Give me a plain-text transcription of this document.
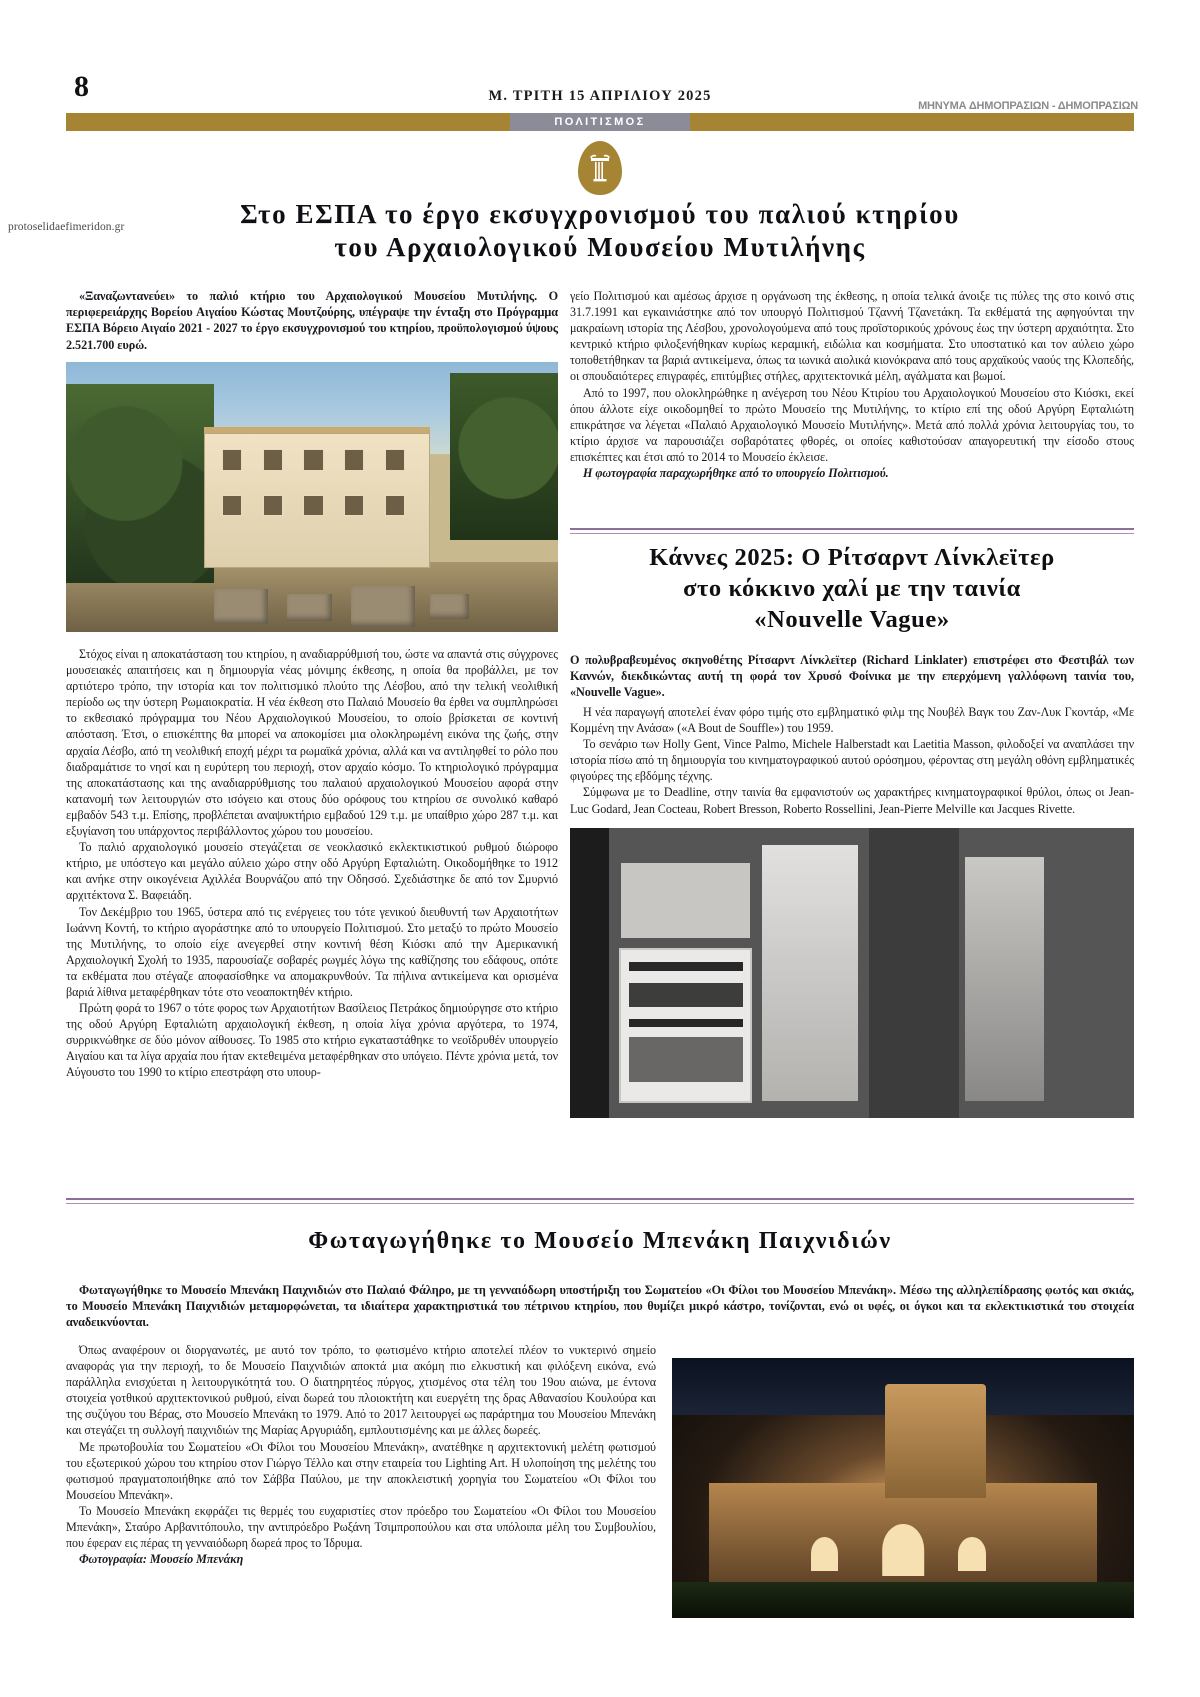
8	Μ. ΤΡΙΤΗ 15 ΑΠΡΙΛΙΟΥ 2025
ΜΗΝΥΜΑ ΔΗΜΟΠΡΑΣΙΩΝ - ΔΗΜΟΠΡΑΣΙΩΝ
protoselidaefimeridon.gr
ΠΟΛΙΤΙΣΜΟΣ
Στο ΕΣΠΑ το έργο εκσυγχρονισμού του παλιού κτηρίου
του Αρχαιολογικού Μουσείου Μυτιλήνης

«Ξαναζωντανεύει» το παλιό κτήριο του Αρχαιολογικού Μουσείου Μυτιλήνης. Ο περιφερειάρχης Βορείου Αιγαίου Κώστας Μουτζούρης, υπέγραψε την ένταξη στο Πρόγραμμα ΕΣΠΑ Βόρειο Αιγαίο 2021 - 2027 το έργο εκσυγχρονισμού του κτηρίου, προϋπολογισμού ύψους 2.521.700 ευρώ.

Στόχος είναι η αποκατάσταση του κτηρίου, η αναδιαρρύθμισή του, ώστε να απαντά στις σύγχρονες μουσειακές απαιτήσεις και η δημιουργία νέας μόνιμης έκθεσης, η οποία θα προβάλλει, με τον αρτιότερο τρόπο, την ιστορία και τον πολιτισμικό πλούτο της Λέσβου, από την τελική νεολιθική περίοδο ως την ύστερη Ρωμαιοκρατία. Η νέα έκθεση στο Παλαιό Μουσείο θα έρθει να συμπληρώσει το εκθεσιακό πρόγραμμα του Νέου Αρχαιολογικού Μουσείου, το οποίο βρίσκεται σε κοντινή απόσταση. Έτσι, ο επισκέπτης θα μπορεί να αποκομίσει μια ολοκληρωμένη εικόνα της ζωής, στην αρχαία Λέσβο, από τη νεολιθική εποχή μέχρι τα ρωμαϊκά χρόνια, αλλά και να αντιληφθεί το ρόλο που διαδραμάτισε το νησί και η ευρύτερη του περιοχή, στον αρχαίο κόσμο. Το κτηριολογικό πρόγραμμα της αποκατάστασης και της αναδιαρρύθμισης του παλαιού αρχαιολογικού Μουσείου αφορά στην κατανομή των λειτουργιών στο ισόγειο και στους δύο ορόφους του κτηρίου σε συνολικό καθαρό εμβαδόν 543 τ.μ. Επίσης, προβλέπεται αναψυκτήριο εμβαδού 129 τ.μ. με υπαίθριο χώρο 287 τ.μ. και εξυγίανση του υπάρχοντος περιβάλλοντος χώρου του μουσείου.

Το παλιό αρχαιολογικό μουσείο στεγάζεται σε νεοκλασικό εκλεκτικιστικού ρυθμού διώροφο κτήριο, με υπόστεγο και μεγάλο αύλειο χώρο στην οδό Αργύρη Εφταλιώτη. Οικοδομήθηκε το 1912 και ανήκε στην οικογένεια Αχιλλέα Βουρνάζου από την Οδησσό. Σχεδιάστηκε δε από τον Σμυρνιό αρχιτέκτονα Σ. Βαφειάδη.

Τον Δεκέμβριο του 1965, ύστερα από τις ενέργειες του τότε γενικού διευθυντή των Αρχαιοτήτων Ιωάννη Κοντή, το κτήριο αγοράστηκε από το υπουργείο Πολιτισμού. Στο μεταξύ το πρώτο Μουσείο της Μυτιλήνης, το οποίο είχε ανεγερθεί στην κοντινή θέση Κιόσκι από την Αμερικανική Αρχαιολογική Σχολή το 1935, παρουσίαζε σοβαρές ρωγμές λόγω της καθίζησης του εδάφους, οπότε τα εκθέματα που στέγαζε αποφασίσθηκε να απομακρυνθούν. Τα πήλινα αντικείμενα και ορισμένα βαριά λίθινα μεταφέρθηκαν τότε στο νεοαποκτηθέν κτήριο.

Πρώτη φορά το 1967 ο τότε φορος των Αρχαιοτήτων Βασίλειος Πετράκος δημιούργησε στο κτήριο της οδού Αργύρη Εφταλιώτη αρχαιολογική έκθεση, η οποία λίγα χρόνια αργότερα, το 1974, συρρικνώθηκε σε δύο μόνον αίθουσες. Το 1985 στο κτήριο εγκαταστάθηκε το νεοϊδρυθέν υπουργείο Αιγαίου και τα λίγα αρχαία που ήταν εκτεθειμένα μεταφέρθηκαν στο υπόγειο. Πέντε χρόνια μετά, τον Αύγουστο του 1990 το κτίριο επεστράφη στο υπουρ-

γείο Πολιτισμού και αμέσως άρχισε η οργάνωση της έκθεσης, η οποία τελικά άνοιξε τις πύλες της στο κοινό στις 31.7.1991 και εγκαινιάστηκε από τον υπουργό Πολιτισμού Τζαννή Τζανετάκη. Τα εκθέματά της αφηγούνται την μακραίωνη ιστορία της Λέσβου, χρονολογούμενα από τους προϊστορικούς χρόνους έως την ύστερη αρχαιότητα. Στο κεντρικό κτήριο φιλοξενήθηκαν κυρίως κεραμική, ειδώλια και κοσμήματα. Στο υποστατικό και τον αύλειο χώρο τοποθετήθηκαν τα βαριά αντικείμενα, όπως τα ιωνικά αιολικά κιονόκρανα από τους αρχαϊκούς ναούς της Κλοπεδής, οι σπουδαιότερες επιγραφές, επιτύμβιες στήλες, αρχιτεκτονικά μέλη, αγάλματα και βωμοί.

Από το 1997, που ολοκληρώθηκε η ανέγερση του Νέου Κτιρίου του Αρχαιολογικού Μουσείου στο Κιόσκι, εκεί όπου άλλοτε είχε οικοδομηθεί το πρώτο Μουσείο της Μυτιλήνης, το κτίριο επί της οδού Αργύρη Εφταλιώτη επικράτησε να λέγεται «Παλαιό Αρχαιολογικό Μουσείο Μυτιλήνης». Μετά από πολλά χρόνια λειτουργίας του, το κτίριο άρχισε να παρουσιάζει σοβαρότατες φθορές, οι οποίες καθιστούσαν απαγορευτική την είσοδο στους επισκέπτες και έτσι από το 2014 το Μουσείο έκλεισε.

Η φωτογραφία παραχωρήθηκε από το υπουργείο Πολιτισμού.

Κάννες 2025: Ο Ρίτσαρντ Λίνκλεϊτερ
στο κόκκινο χαλί με την ταινία
«Nouvelle Vague»

Ο πολυβραβευμένος σκηνοθέτης Ρίτσαρντ Λίνκλεϊτερ (Richard Linklater) επιστρέφει στο Φεστιβάλ των Καννών, διεκδικώντας αυτή τη φορά τον Χρυσό Φοίνικα με την επερχόμενη γαλλόφωνη ταινία του, «Nouvelle Vague».

Η νέα παραγωγή αποτελεί έναν φόρο τιμής στο εμβληματικό φιλμ της Νουβέλ Βαγκ του Ζαν-Λυκ Γκοντάρ, «Με Κομμένη την Ανάσα» («A Bout de Souffle») του 1959.

Το σενάριο των Holly Gent, Vince Palmo, Michele Halberstadt και Laetitia Masson, φιλοδοξεί να αναπλάσει την ιστορία πίσω από τη δημιουργία του κινηματογραφικού αυτού ορόσημου, φέροντας στη μεγάλη οθόνη εμβληματικές φιγούρες της εβδόμης τέχνης.

Σύμφωνα με το Deadline, στην ταινία θα εμφανιστούν ως χαρακτήρες κινηματογραφικοί θρύλοι, όπως οι Jean-Luc Godard, Jean Cocteau, Robert Bresson, Roberto Rossellini, Jean-Pierre Melville και Jacques Rivette.

Φωταγωγήθηκε το Μουσείο Μπενάκη Παιχνιδιών

Φωταγωγήθηκε το Μουσείο Μπενάκη Παιχνιδιών στο Παλαιό Φάληρο, με τη γενναιόδωρη υποστήριξη του Σωματείου «Οι Φίλοι του Μουσείου Μπενάκη». Μέσω της αλληλεπίδρασης φωτός και σκιάς, το Μουσείο Μπενάκη Παιχνιδιών μεταμορφώνεται, τα ιδιαίτερα χαρακτηριστικά του πέτρινου κτηρίου, που θυμίζει μικρό κάστρο, τονίζονται, ενώ οι υφές, οι όγκοι και τα εκλεκτικιστικά του στοιχεία αναδεικνύονται.

Όπως αναφέρουν οι διοργανωτές, με αυτό τον τρόπο, το φωτισμένο κτήριο αποτελεί πλέον το νυκτερινό σημείο αναφοράς για την περιοχή, το δε Μουσείο Παιχνιδιών αποκτά μια ακόμη πιο ελκυστική και φιλόξενη εικόνα, ενώ παράλληλα ενισχύεται η λειτουργικότητά του. Ο διατηρητέος πύργος, χτισμένος στα τέλη του 19ου αιώνα, με έντονα στοιχεία γοτθικού αρχιτεκτονικού ρυθμού, είναι δωρεά του πλοιοκτήτη και ευεργέτη της δρας Αθανασίου Κουλούρα και της συζύγου του Βέρας, στο Μουσείο Μπενάκη το 1979. Από το 2017 λειτουργεί ως παράρτημα του Μουσείου Μπενάκη και στεγάζει τη συλλογή παιχνιδιών της Μαρίας Αργυριάδη, εμπλουτισμένης και με άλλες δωρεές.

Με πρωτοβουλία του Σωματείου «Οι Φίλοι του Μουσείου Μπενάκη», ανατέθηκε η αρχιτεκτονική μελέτη φωτισμού του εξωτερικού χώρου του κτηρίου στον Γιώργο Τέλλο και στην εταιρεία του Lighting Art. Η υλοποίηση της μελέτης του φωτισμού πραγματοποιήθηκε από τον Σάββα Παύλου, με την αποκλειστική χορηγία του Σωματείου «Οι Φίλοι του Μουσείου Μπενάκη».

Το Μουσείο Μπενάκη εκφράζει τις θερμές του ευχαριστίες στον πρόεδρο του Σωματείου «Οι Φίλοι του Μουσείου Μπενάκη», Σταύρο Αρβανιτόπουλο, την αντιπρόεδρο Ρωξάνη Τσιμπροπούλου και στα υπόλοιπα μέλη του Συμβουλίου, που έφεραν εις πέρας τη γενναιόδωρη δωρεά προς το Ίδρυμα.

Φωτογραφία: Μουσείο Μπενάκη
